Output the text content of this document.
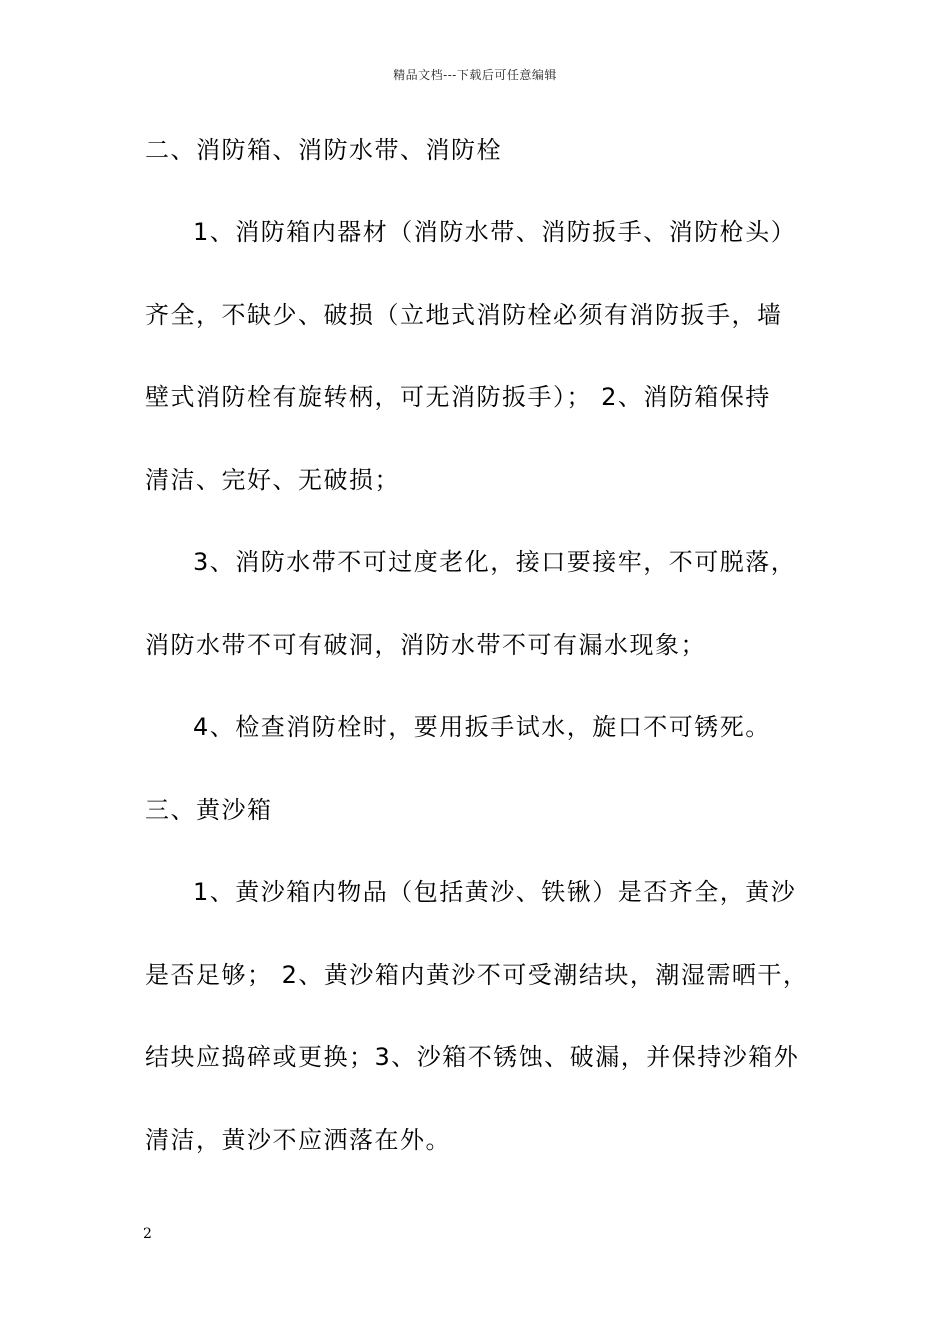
精品文档---下载后可任意编辑
二、消防箱、消防水带、消防栓
1、消防箱内器材（消防水带、消防扳手、消防枪头）
齐全，不缺少、破损（立地式消防栓必须有消防扳手，墙
壁式消防栓有旋转柄，可无消防扳手）； 2、消防箱保持
清洁、完好、无破损；
3、消防水带不可过度老化，接口要接牢，不可脱落，
消防水带不可有破洞，消防水带不可有漏水现象；
4、检查消防栓时，要用扳手试水，旋口不可锈死。
三、黄沙箱
1、黄沙箱内物品（包括黄沙、铁锹）是否齐全，黄沙
是否足够； 2、黄沙箱内黄沙不可受潮结块，潮湿需晒干，
结块应捣碎或更换；3、沙箱不锈蚀、破漏，并保持沙箱外
清洁，黄沙不应洒落在外。
2
